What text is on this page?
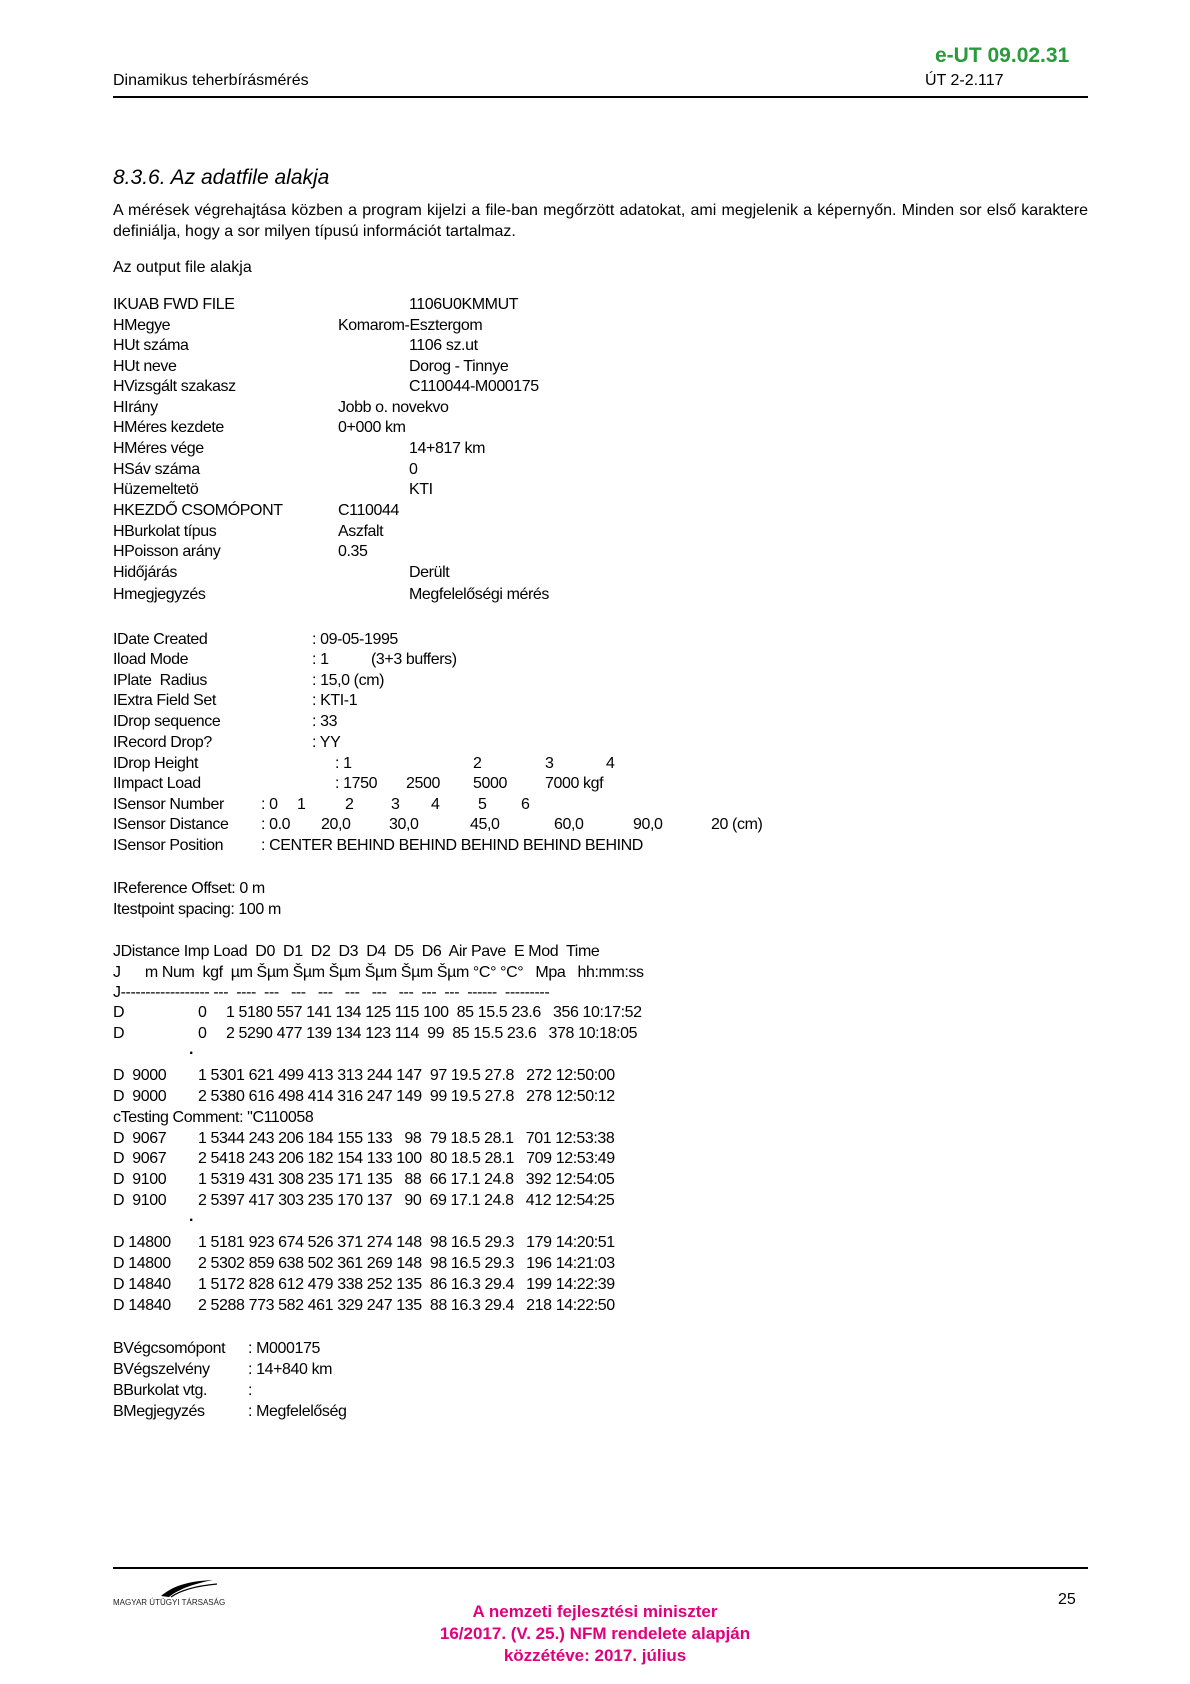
e-UT 09.02.31
Dinamikus teherbírásmérés	ÚT 2-2.117
8.3.6. Az adatfile alakja
A mérések végrehajtása közben a program kijelzi a file-ban megőrzött adatokat, ami megjelenik a képernyőn. Minden sor első karaktere definiálja, hogy a sor milyen típusú információt tartalmaz.
Az output file alakja
IKUAB FWD FILE	1106U0KMMUT
HMegye	Komarom-Esztergom
HUt száma	1106 sz.ut
HUt neve	Dorog - Tinnye
HVizsgált szakasz	C110044-M000175
HIrány	Jobb o. novekvo
HMéres kezdete	0+000 km
HMéres vége	14+817 km
HSáv száma	0
Hüzemeltetö	KTI
HKEZDŐ CSOMÓPONT	C110044
HBurkolat típus	Aszfalt
HPoisson arány	0.35
Hidőjárás	Derült
Hmegjegyzés	Megfelelőségi mérés
IDate Created	: 09-05-1995
Iload Mode	: 1	(3+3 buffers)
IPlate  Radius	: 15,0 (cm)
IExtra Field Set	: KTI-1
IDrop sequence	: 33
IRecord Drop?	: YY
IDrop Height	: 1	2	3	4
IImpact Load	: 1750 2500 5000 7000 kgf
ISensor Number : 0 1 2 3 4 5 6
ISensor Distance : 0.0 20,0 30,0	45,0	60,0	90,0	20 (cm)
ISensor Position : CENTER BEHIND BEHIND BEHIND BEHIND BEHIND
IReference Offset: 0 m
Itestpoint spacing: 100 m
JDistance Imp Load  D0  D1  D2  D3  D4  D5  D6  Air Pave  E Mod  Time
J      m Num  kgf  µm Šµm Šµm Šµm Šµm Šµm Šµm °C° °C°   Mpa   hh:mm:ss
J------------------ ---  ----  ---   ---   ---   ---   ---   ---  ---  ---  ------  ---------
D	0 1 5180 557 141 134 125 115 100  85 15.5 23.6   356 10:17:52
D	0 2 5290 477 139 134 123 114  99  85 15.5 23.6   378 10:18:05
.
D  9000 1 5301 621 499 413 313 244 147  97 19.5 27.8   272 12:50:00
D  9000 2 5380 616 498 414 316 247 149  99 19.5 27.8   278 12:50:12
cTesting Comment: "C110058
D  9067 1 5344 243 206 184 155 133   98  79 18.5 28.1   701 12:53:38
D  9067 2 5418 243 206 182 154 133 100  80 18.5 28.1   709 12:53:49
D  9100 1 5319 431 308 235 171 135   88  66 17.1 24.8   392 12:54:05
D  9100 2 5397 417 303 235 170 137   90  69 17.1 24.8   412 12:54:25
.
D 14800 1 5181 923 674 526 371 274 148  98 16.5 29.3   179 14:20:51
D 14800 2 5302 859 638 502 361 269 148  98 16.5 29.3   196 14:21:03
D 14840 1 5172 828 612 479 338 252 135  86 16.3 29.4   199 14:22:39
D 14840 2 5288 773 582 461 329 247 135  88 16.3 29.4   218 14:22:50
BVégcsomópont : M000175
BVégszelvény : 14+840 km
BBurkolat vtg.	:
BMegjegyzés	: Megfelelőség
MAGYAR ÚTÜGYI TÁRSASÁG	25
A nemzeti fejlesztési miniszter
16/2017. (V. 25.) NFM rendelete alapján
közzétéve: 2017. július
